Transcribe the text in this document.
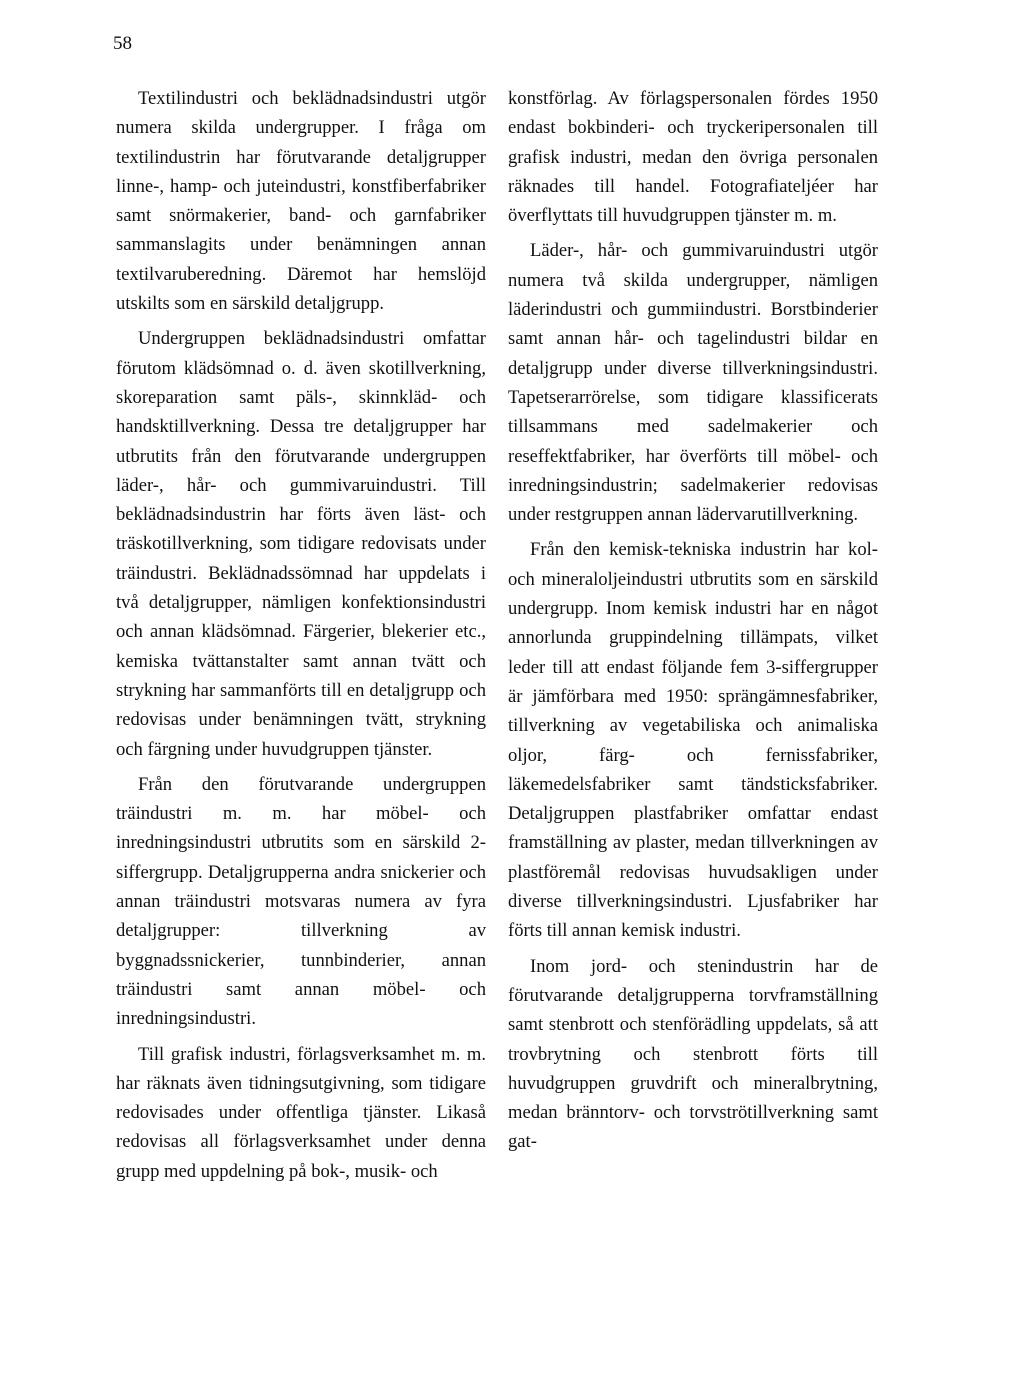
58

Textilindustri och beklädnadsindustri utgör numera skilda undergrupper. I fråga om textilindustrin har förutvarande detaljgrupper linne-, hamp- och juteindustri, konstfiberfabriker samt snörmakerier, band- och garnfabriker sammanslagits under benämningen annan textilvaruberedning. Däremot har hemslöjd utskilts som en särskild detaljgrupp.

Undergruppen beklädnadsindustri omfattar förutom klädsömnad o. d. även skotillverkning, skoreparation samt päls-, skinnkläd- och handsktillverkning. Dessa tre detaljgrupper har utbrutits från den förutvarande undergruppen läder-, hår- och gummivaruindustri. Till beklädnadsindustrin har förts även läst- och träskotillverkning, som tidigare redovisats under träindustri. Beklädnadssömnad har uppdelats i två detaljgrupper, nämligen konfektionsindustri och annan klädsömnad. Färgerier, blekerier etc., kemiska tvättanstalter samt annan tvätt och strykning har sammanförts till en detaljgrupp och redovisas under benämningen tvätt, strykning och färgning under huvudgruppen tjänster.

Från den förutvarande undergruppen träindustri m. m. har möbel- och inredningsindustri utbrutits som en särskild 2-siffergrupp. Detaljgrupperna andra snickerier och annan träindustri motsvaras numera av fyra detaljgrupper: tillverkning av byggnadssnickerier, tunnbinderier, annan träindustri samt annan möbel- och inredningsindustri.

Till grafisk industri, förlagsverksamhet m. m. har räknats även tidningsutgivning, som tidigare redovisades under offentliga tjänster. Likaså redovisas all förlagsverksamhet under denna grupp med uppdelning på bok-, musik- och

konstförlag. Av förlagspersonalen fördes 1950 endast bokbinderi- och tryckeripersonalen till grafisk industri, medan den övriga personalen räknades till handel. Fotografiateljéer har överflyttats till huvudgruppen tjänster m. m.

Läder-, hår- och gummivaruindustri utgör numera två skilda undergrupper, nämligen läderindustri och gummiindustri. Borstbinderier samt annan hår- och tagelindustri bildar en detaljgrupp under diverse tillverkningsindustri. Tapetserarrörelse, som tidigare klassificerats tillsammans med sadelmakerier och reseffektfabriker, har överförts till möbel- och inredningsindustrin; sadelmakerier redovisas under restgruppen annan lädervarutillverkning.

Från den kemisk-tekniska industrin har kol- och mineraloljeindustri utbrutits som en särskild undergrupp. Inom kemisk industri har en något annorlunda gruppindelning tillämpats, vilket leder till att endast följande fem 3-siffergrupper är jämförbara med 1950: sprängämnesfabriker, tillverkning av vegetabiliska och animaliska oljor, färg- och fernissfabriker, läkemedelsfabriker samt tändsticksfabriker. Detaljgruppen plastfabriker omfattar endast framställning av plaster, medan tillverkningen av plastföremål redovisas huvudsakligen under diverse tillverkningsindustri. Ljusfabriker har förts till annan kemisk industri.

Inom jord- och stenindustrin har de förutvarande detaljgrupperna torvframställning samt stenbrott och stenförädling uppdelats, så att trovbrytning och stenbrott förts till huvudgruppen gruvdrift och mineralbrytning, medan bränntorv- och torvströtillverkning samt gat-
